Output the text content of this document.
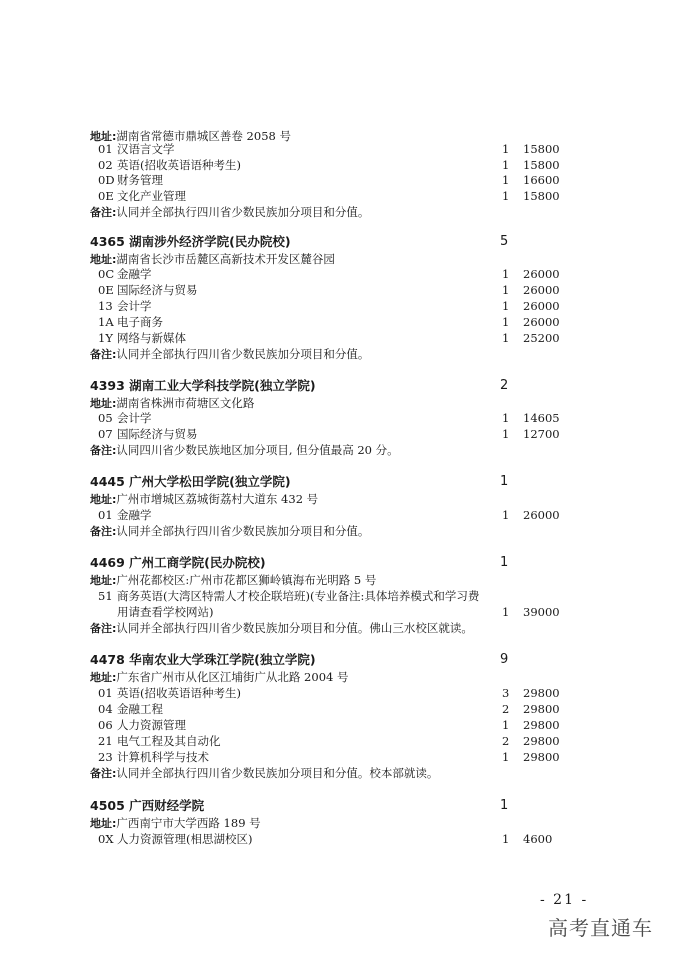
- 21 -
高考直通车
地址:湖南省常德市鼎城区善卷 2058 号
01 汉语言文学	1 15800
02 英语(招收英语语种考生)	1 15800
0D 财务管理	1 16600
0E 文化产业管理	1 15800
备注:认同并全部执行四川省少数民族加分项目和分值。
4365 湖南涉外经济学院(民办院校)	5
地址:湖南省长沙市岳麓区高新技术开发区麓谷园
0C 金融学	1 26000
0E 国际经济与贸易	1 26000
13 会计学	1 26000
1A 电子商务	1 26000
1Y 网络与新媒体	1 25200
备注:认同并全部执行四川省少数民族加分项目和分值。
4393 湖南工业大学科技学院(独立学院)	2
地址:湖南省株洲市荷塘区文化路
05 会计学	1 14605
07 国际经济与贸易	1 12700
备注:认同四川省少数民族地区加分项目, 但分值最高 20 分。
4445 广州大学松田学院(独立学院)	1
地址:广州市增城区荔城街荔村大道东 432 号
01 金融学	1 26000
备注:认同并全部执行四川省少数民族加分项目和分值。
4469 广州工商学院(民办院校)	1
地址:广州花都校区:广州市花都区狮岭镇海布光明路 5 号
51 商务英语(大湾区特需人才校企联培班)(专业备注:具体培养模式和学习费
用请查看学校网站)	1 39000
备注:认同并全部执行四川省少数民族加分项目和分值。佛山三水校区就读。
4478 华南农业大学珠江学院(独立学院)	9
地址:广东省广州市从化区江埔街广从北路 2004 号
01 英语(招收英语语种考生)	3 29800
04 金融工程	2 29800
06 人力资源管理	1 29800
21 电气工程及其自动化	2 29800
23 计算机科学与技术	1 29800
备注:认同并全部执行四川省少数民族加分项目和分值。校本部就读。
4505 广西财经学院	1
地址:广西南宁市大学西路 189 号
0X 人力资源管理(相思湖校区)	1 4600
